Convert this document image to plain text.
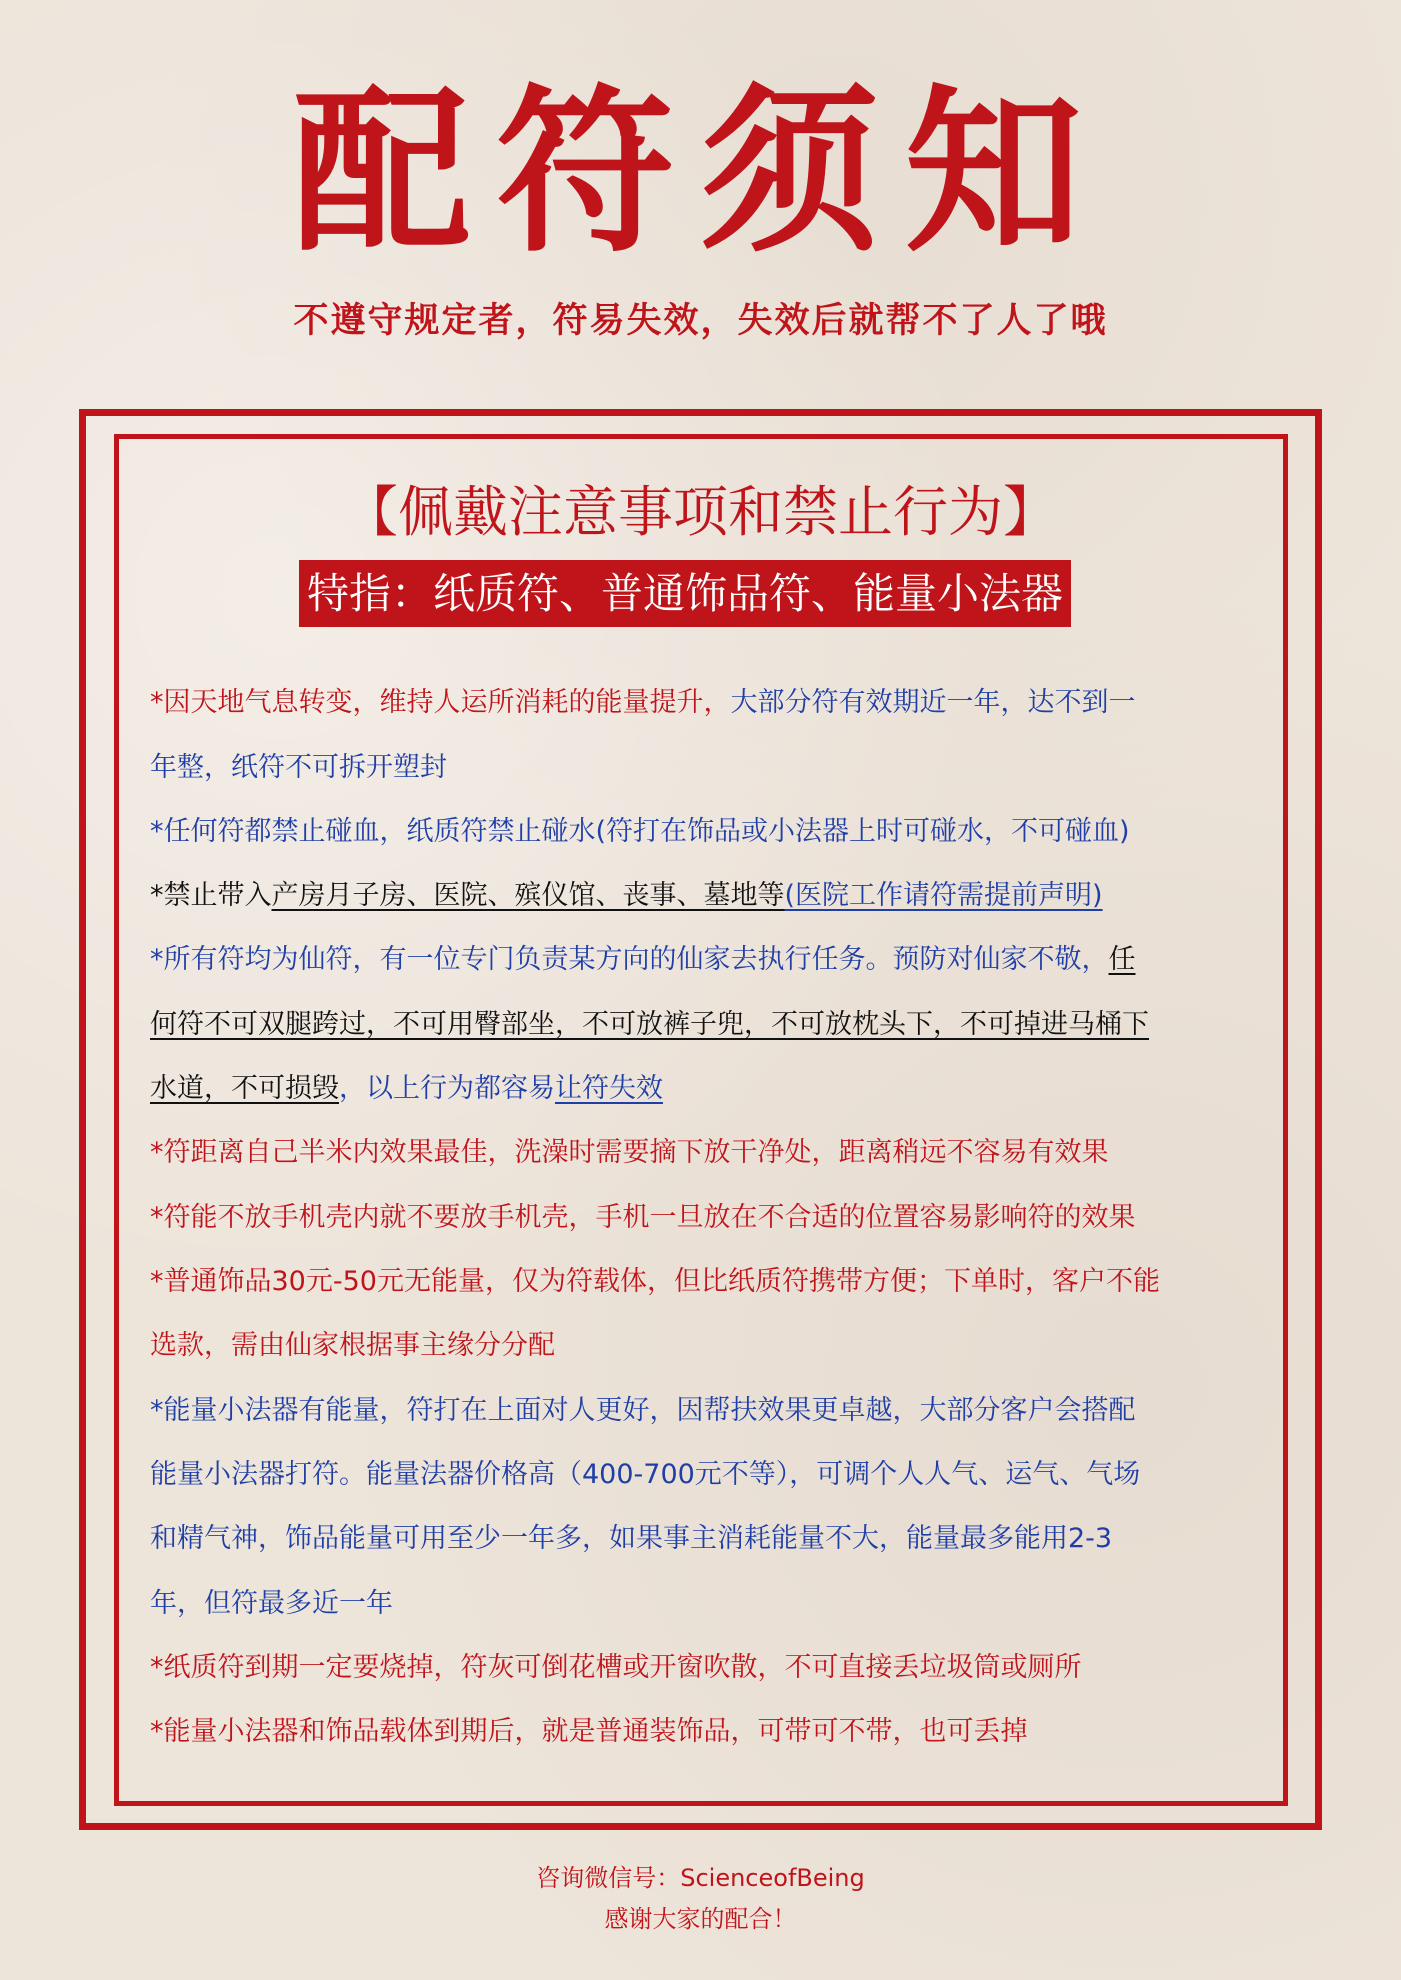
配符须知
不遵守规定者，符易失效，失效后就帮不了人了哦
【佩戴注意事项和禁止行为】
特指：纸质符、普通饰品符、能量小法器
*因天地气息转变，维持人运所消耗的能量提升，大部分符有效期近一年，达不到一
年整，纸符不可拆开塑封
*任何符都禁止碰血，纸质符禁止碰水(符打在饰品或小法器上时可碰水，不可碰血)
*禁止带入产房月子房、医院、殡仪馆、丧事、墓地等(医院工作请符需提前声明)
*所有符均为仙符，有一位专门负责某方向的仙家去执行任务。预防对仙家不敬，任
何符不可双腿跨过，不可用臀部坐，不可放裤子兜，不可放枕头下，不可掉进马桶下
水道，不可损毁，以上行为都容易让符失效
*符距离自己半米内效果最佳，洗澡时需要摘下放干净处，距离稍远不容易有效果
*符能不放手机壳内就不要放手机壳，手机一旦放在不合适的位置容易影响符的效果
*普通饰品30元-50元无能量，仅为符载体，但比纸质符携带方便；下单时，客户不能
选款，需由仙家根据事主缘分分配
*能量小法器有能量，符打在上面对人更好，因帮扶效果更卓越，大部分客户会搭配
能量小法器打符。能量法器价格高（400-700元不等），可调个人人气、运气、气场
和精气神，饰品能量可用至少一年多，如果事主消耗能量不大，能量最多能用2-3
年，但符最多近一年
*纸质符到期一定要烧掉，符灰可倒花槽或开窗吹散，不可直接丢垃圾筒或厕所
*能量小法器和饰品载体到期后，就是普通装饰品，可带可不带，也可丢掉
咨询微信号：ScienceofBeing
感谢大家的配合！
